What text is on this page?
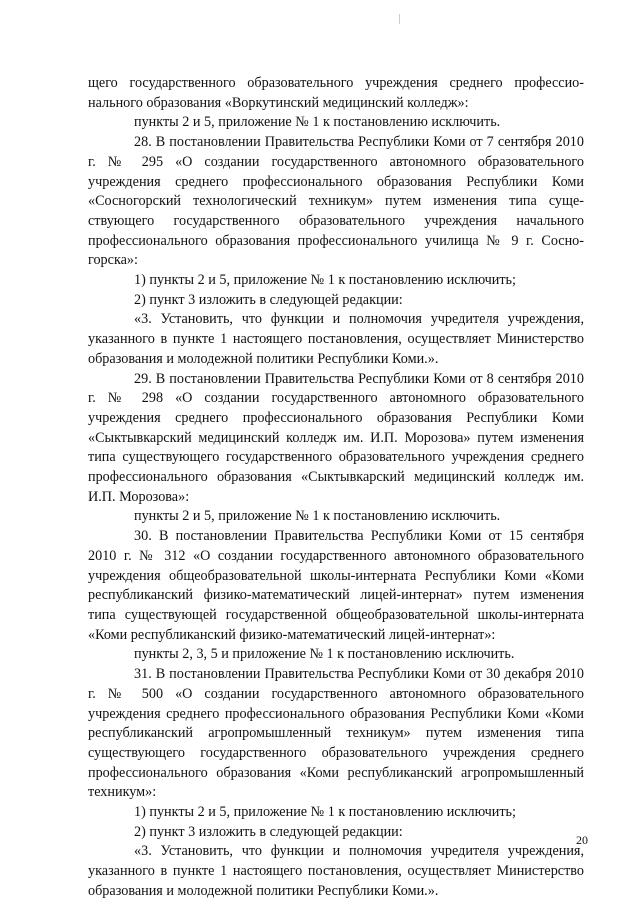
щего государственного образовательного учреждения среднего профессионального образования «Воркутинский медицинский колледж»:

пункты 2 и 5, приложение № 1 к постановлению исключить.

28. В постановлении Правительства Республики Коми от 7 сентября 2010 г. № 295 «О создании государственного автономного образовательного учреждения среднего профессионального образования Республики Коми «Сосногорский технологический техникум» путем изменения типа существующего государственного образовательного учреждения начального профессионального образования профессионального училища № 9 г. Сосногорска»:

1) пункты 2 и 5, приложение № 1 к постановлению исключить;

2) пункт 3 изложить в следующей редакции:

«3. Установить, что функции и полномочия учредителя учреждения, указанного в пункте 1 настоящего постановления, осуществляет Министерство образования и молодежной политики Республики Коми.».

29. В постановлении Правительства Республики Коми от 8 сентября 2010 г. № 298 «О создании государственного автономного образовательного учреждения среднего профессионального образования Республики Коми «Сыктывкарский медицинский колледж им. И.П. Морозова» путем изменения типа существующего государственного образовательного учреждения среднего профессионального образования «Сыктывкарский медицинский колледж им. И.П. Морозова»:

пункты 2 и 5, приложение № 1 к постановлению исключить.

30. В постановлении Правительства Республики Коми от 15 сентября 2010 г. № 312 «О создании государственного автономного образовательного учреждения общеобразовательной школы-интерната Республики Коми «Коми республиканский физико-математический лицей-интернат» путем изменения типа существующей государственной общеобразовательной школы-интерната «Коми республиканский физико-математический лицей-интернат»:

пункты 2, 3, 5 и приложение № 1 к постановлению исключить.

31. В постановлении Правительства Республики Коми от 30 декабря 2010 г. № 500 «О создании государственного автономного образовательного учреждения среднего профессионального образования Республики Коми «Коми республиканский агропромышленный техникум» путем изменения типа существующего государственного образовательного учреждения среднего профессионального образования «Коми республиканский агропромышленный техникум»:

1) пункты 2 и 5, приложение № 1 к постановлению исключить;

2) пункт 3 изложить в следующей редакции:

«3. Установить, что функции и полномочия учредителя учреждения, указанного в пункте 1 настоящего постановления, осуществляет Министерство образования и молодежной политики Республики Коми.».

20
